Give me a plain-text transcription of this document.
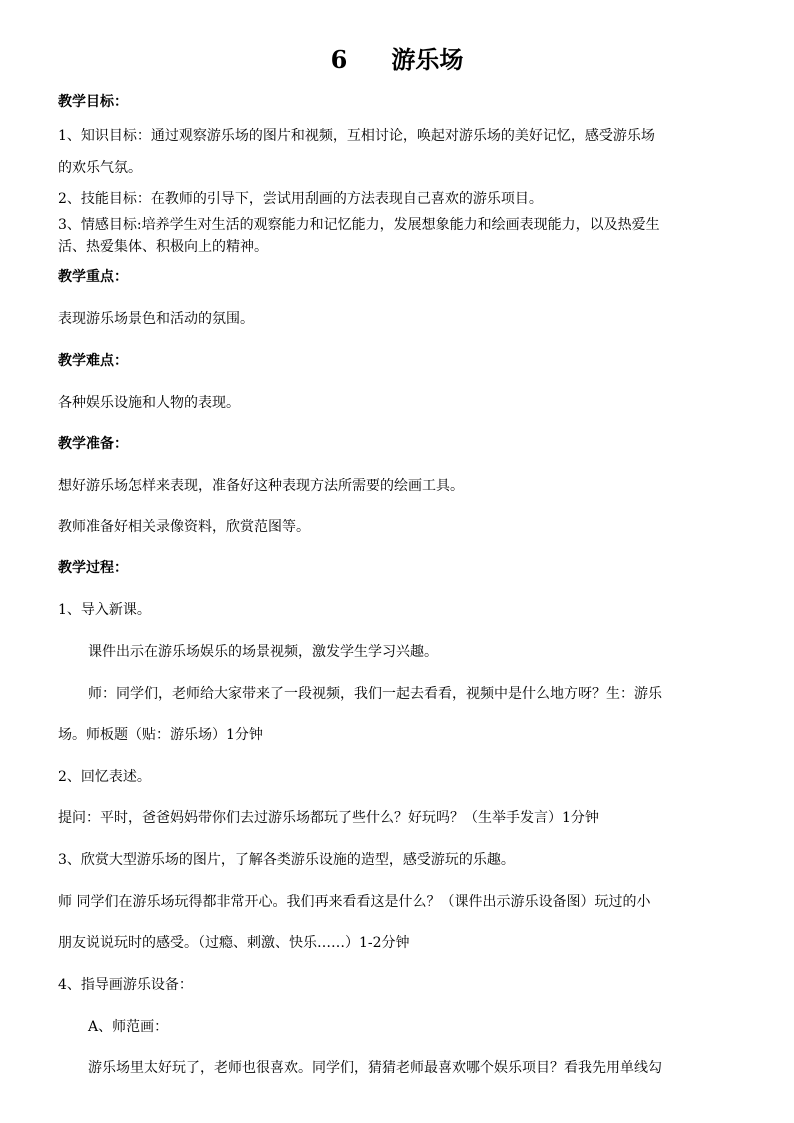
6 游乐场
教学目标：
1、知识目标：通过观察游乐场的图片和视频，互相讨论，唤起对游乐场的美好记忆，感受游乐场
的欢乐气氛。
2、技能目标：在教师的引导下，尝试用刮画的方法表现自己喜欢的游乐项目。
3、情感目标:培养学生对生活的观察能力和记忆能力，发展想象能力和绘画表现能力，以及热爱生
活、热爱集体、积极向上的精神。
教学重点：
表现游乐场景色和活动的氛围。
教学难点：
各种娱乐设施和人物的表现。
教学准备：
想好游乐场怎样来表现，准备好这种表现方法所需要的绘画工具。
教师准备好相关录像资料，欣赏范图等。
教学过程：
1、导入新课。
课件出示在游乐场娱乐的场景视频，激发学生学习兴趣。
师：同学们，老师给大家带来了一段视频，我们一起去看看，视频中是什么地方呀？生：游乐
场。师板题（贴：游乐场）1分钟
2、回忆表述。
提问：平时，爸爸妈妈带你们去过游乐场都玩了些什么？好玩吗？（生举手发言）1分钟
3、欣赏大型游乐场的图片，了解各类游乐设施的造型，感受游玩的乐趣。
师 同学们在游乐场玩得都非常开心。我们再来看看这是什么？（课件出示游乐设备图）玩过的小
朋友说说玩时的感受。（过瘾、刺激、快乐……）1-2分钟
4、指导画游乐设备：
A、师范画：
游乐场里太好玩了，老师也很喜欢。同学们，猜猜老师最喜欢哪个娱乐项目？看我先用单线勾
